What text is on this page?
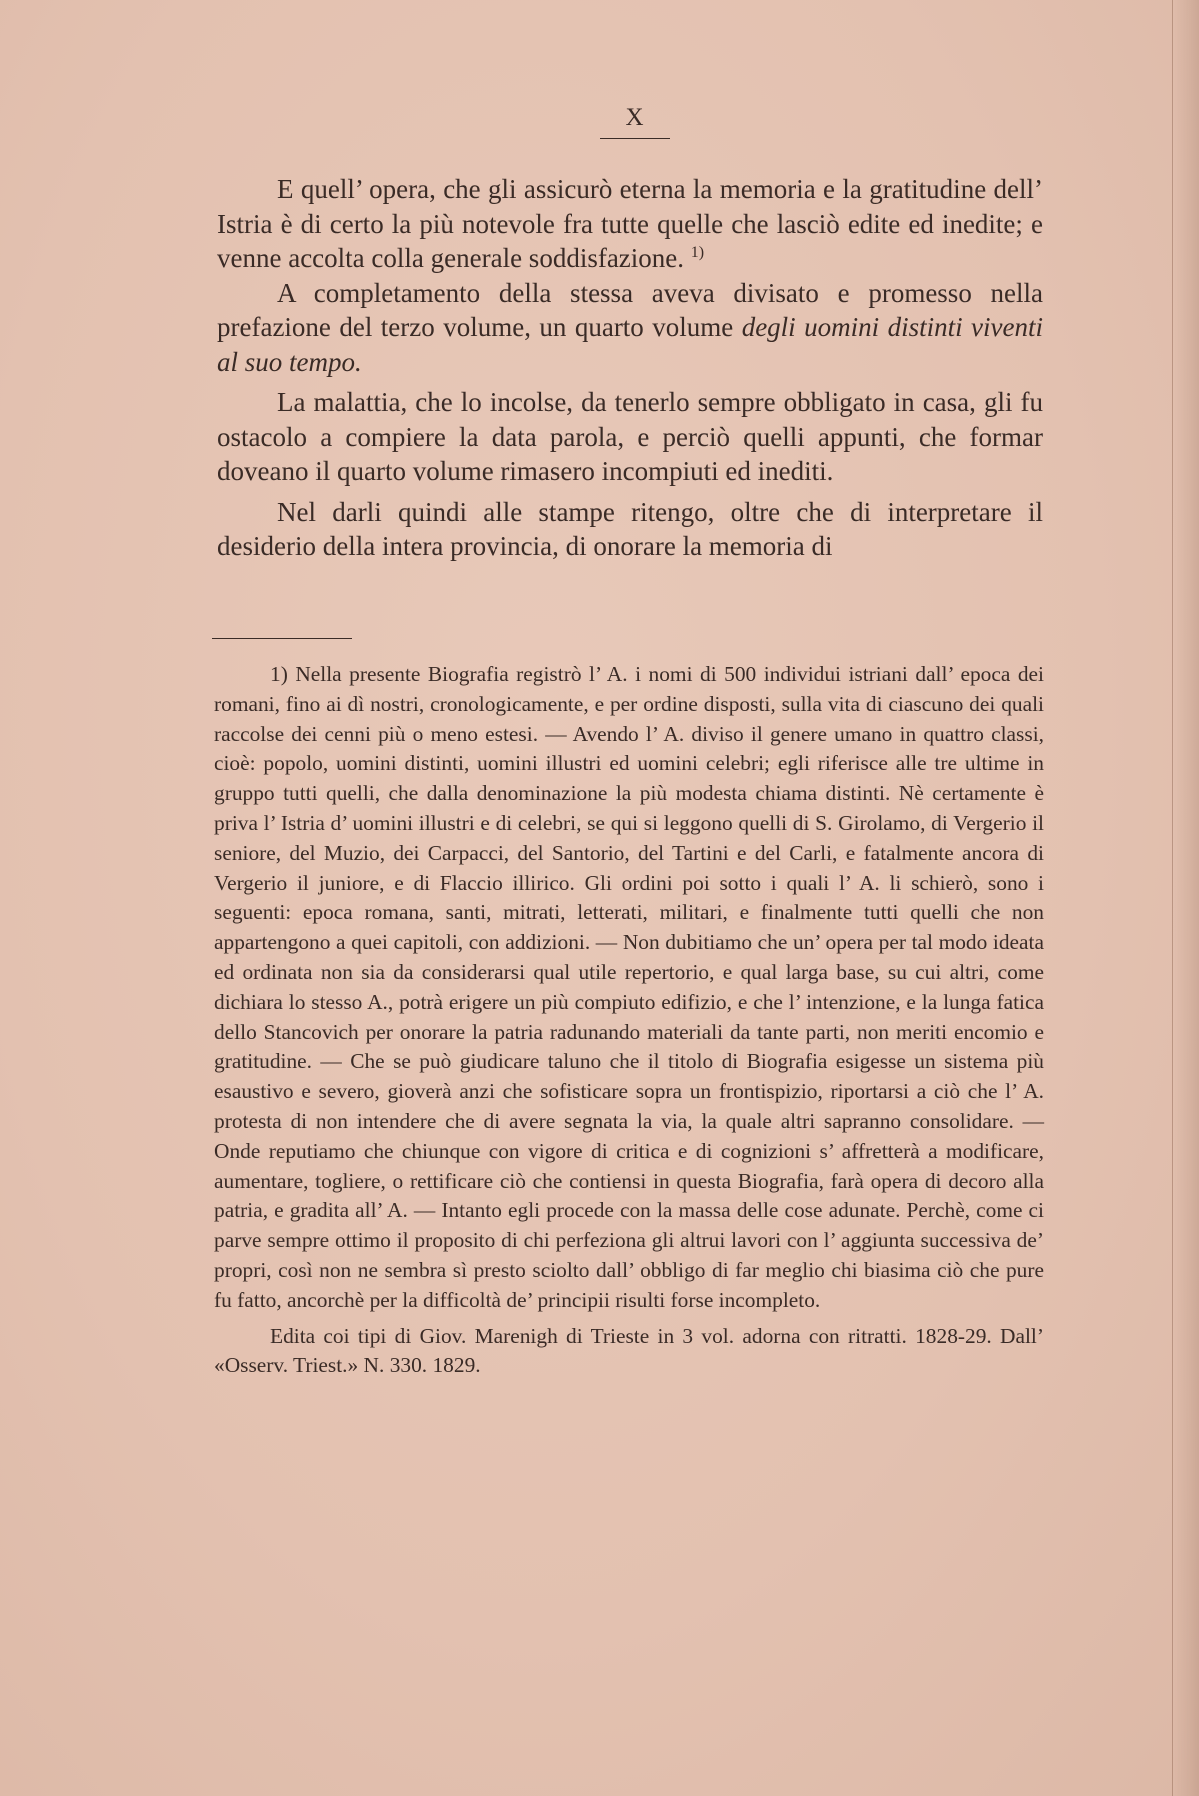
X

E quell’ opera, che gli assicurò eterna la memoria e la gratitudine dell’ Istria è di certo la più notevole fra tutte quelle che lasciò edite ed inedite; e venne accolta colla generale soddisfazione. $^{1)}$

A completamento della stessa aveva divisato e promesso nella prefazione del terzo volume, un quarto volume degli uomini distinti viventi al suo tempo.

La malattia, che lo incolse, da tenerlo sempre obbligato in casa, gli fu ostacolo a compiere la data parola, e perciò quelli appunti, che formar doveano il quarto volume rimasero incompiuti ed inediti.

Nel darli quindi alle stampe ritengo, oltre che di interpretare il desiderio della intera provincia, di onorare la memoria di

1) Nella presente Biografia registrò l’ A. i nomi di 500 individui istriani dall’ epoca dei romani, fino ai dì nostri, cronologicamente, e per ordine disposti, sulla vita di ciascuno dei quali raccolse dei cenni più o meno estesi. — Avendo l’ A. diviso il genere umano in quattro classi, cioè: popolo, uomini distinti, uomini illustri ed uomini celebri; egli riferisce alle tre ultime in gruppo tutti quelli, che dalla denominazione la più modesta chiama distinti. Nè certamente è priva l’ Istria d’ uomini illustri e di celebri, se qui si leggono quelli di S. Girolamo, di Vergerio il seniore, del Muzio, dei Carpacci, del Santorio, del Tartini e del Carli, e fatalmente ancora di Vergerio il juniore, e di Flaccio illirico. Gli ordini poi sotto i quali l’ A. li schierò, sono i seguenti: epoca romana, santi, mitrati, letterati, militari, e finalmente tutti quelli che non appartengono a quei capitoli, con addizioni. — Non dubitiamo che un’ opera per tal modo ideata ed ordinata non sia da considerarsi qual utile repertorio, e qual larga base, su cui altri, come dichiara lo stesso A., potrà erigere un più compiuto edifizio, e che l’ intenzione, e la lunga fatica dello Stancovich per onorare la patria radunando materiali da tante parti, non meriti encomio e gratitudine. — Che se può giudicare taluno che il titolo di Biografia esigesse un sistema più esaustivo e severo, gioverà anzi che sofisticare sopra un frontispizio, riportarsi a ciò che l’ A. protesta di non intendere che di avere segnata la via, la quale altri sapranno consolidare. — Onde reputiamo che chiunque con vigore di critica e di cognizioni s’ affretterà a modificare, aumentare, togliere, o rettificare ciò che contiensi in questa Biografia, farà opera di decoro alla patria, e gradita all’ A. — Intanto egli procede con la massa delle cose adunate. Perchè, come ci parve sempre ottimo il proposito di chi perfeziona gli altrui lavori con l’ aggiunta successiva de’ propri, così non ne sembra sì presto sciolto dall’ obbligo di far meglio chi biasima ciò che pure fu fatto, ancorchè per la difficoltà de’ principii risulti forse incompleto.

Edita coi tipi di Giov. Marenigh di Trieste in 3 vol. adorna con ritratti. 1828-29. Dall’ «Osserv. Triest.» N. 330. 1829.
